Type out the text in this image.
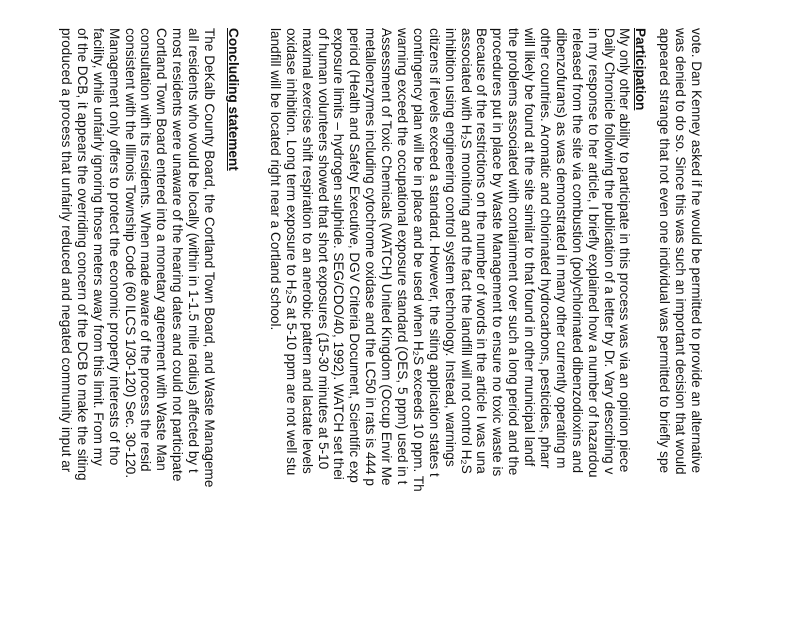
vote. Dan Kenney asked if he would be permitted to provide an alternative
was denied to do so. Since this was such an important decision that would
appeared strange that not even one individual was permitted to briefly spe
Participation
My only other ability to participate in this process was via an opinion piece
Daily Chronicle following the publication of a letter by Dr. Vary describing v
in my response to her article, I briefly explained how a number of hazardou
released from the site via combustion (polychlorinated dibenzodioxins and
dibenzofurans) as was demonstrated in many other currently operating m
other countries. Aromatic and chlorinated hydrocarbons, pesticides, pharr
will likely be found at the site similar to that found in other municipal landf
the problems associated with containment over such a long period and the
procedures put in place by Waste Management to ensure no toxic waste is
Because of the restrictions on the number of words in the article I was una
associated with H₂S monitoring and the fact the landfill will not control H₂S
inhibition using engineering control system technology. Instead, warnings
citizens if levels exceed a standard. However, the siting application states t
contingency plan will be in place and be used when H₂S exceeds 10 ppm. Th
warning exceed the occupational exposure standard (OES, 5 ppm) used in t
Assessment of Toxic Chemicals (WATCH) United Kingdom (Occup Envir Me
metalloenzymes including cytochrome oxidase and the LC50 in rats is 444 p
period (Health and Safety Executive, DGV Criteria Document, Scientific exp
exposure limits – hydrogen sulphide. SEG/CDO/40, 1992). WATCH set thei
of human volunteers showed that short exposures (15-30 minutes at 5-10
maximal exercise shift respiration to an anerobic pattern and lactate levels
oxidase inhibition. Long term exposure to H₂S at 5-10 ppm are not well stu
landfill will be located right near a Cortland school.
Concluding statement
The DeKalb County Board, the Cortland Town Board, and Waste Manageme
all residents who would be locally (within in 1-1.5 mile radius) affected by t
most residents were unaware of the hearing dates and could not participate
Cortland Town Board entered into a monetary agreement with Waste Man
consultation with its residents. When made aware of the process the resid
consistent with the Illinois Township Code (60 ILCS 1/30-120) Sec. 30-120.
Management only offers to protect the economic property interests of tho
facility, while unfairly ignoring those meters away from this limit. From my
of the DCB, it appears the overriding concern of the DCB to make the siting
produced a process that unfairly reduced and negated community input ar
